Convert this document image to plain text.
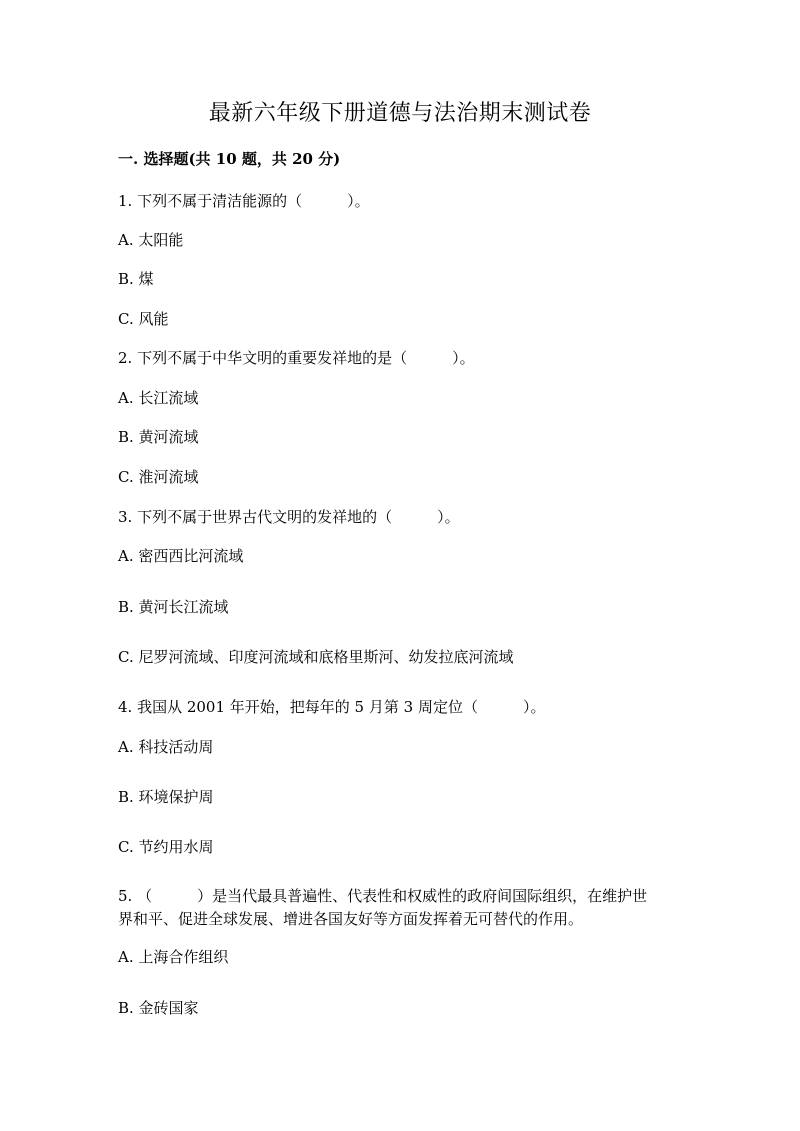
最新六年级下册道德与法治期末测试卷
一. 选择题(共 10 题，共 20 分)
1. 下列不属于清洁能源的（　　　）。
A. 太阳能
B. 煤
C. 风能
2. 下列不属于中华文明的重要发祥地的是（　　　）。
A. 长江流域
B. 黄河流域
C. 淮河流域
3. 下列不属于世界古代文明的发祥地的（　　　）。
A. 密西西比河流域
B. 黄河长江流域
C. 尼罗河流域、印度河流域和底格里斯河、幼发拉底河流域
4. 我国从 2001 年开始，把每年的 5 月第 3 周定位（　　　）。
A. 科技活动周
B. 环境保护周
C. 节约用水周
5. （　　　）是当代最具普遍性、代表性和权威性的政府间国际组织，在维护世
界和平、促进全球发展、增进各国友好等方面发挥着无可替代的作用。
A. 上海合作组织
B. 金砖国家
